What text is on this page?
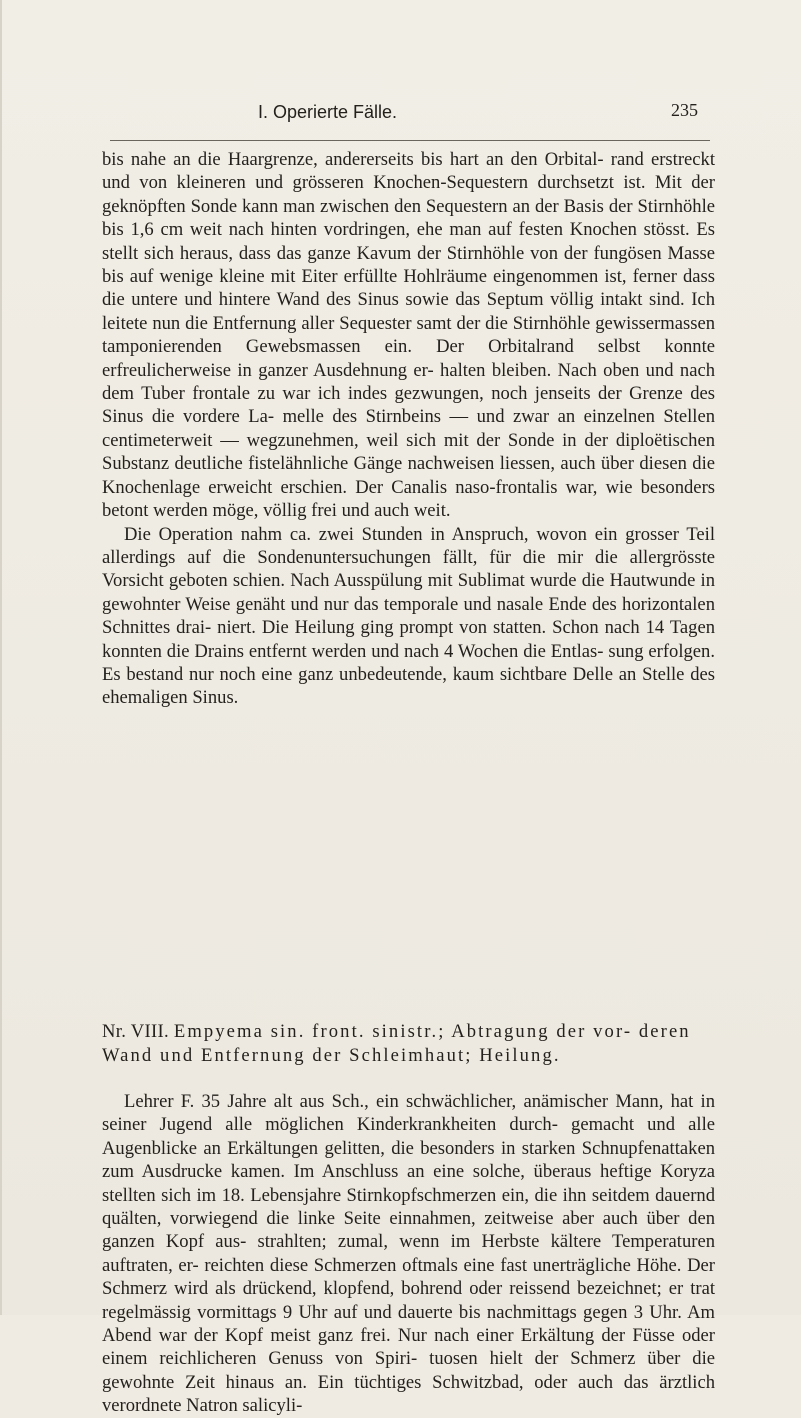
I. Operierte Fälle.	235

bis nahe an die Haargrenze, andererseits bis hart an den Orbital- rand erstreckt und von kleineren und grösseren Knochen-Sequestern durchsetzt ist. Mit der geknöpften Sonde kann man zwischen den Sequestern an der Basis der Stirnhöhle bis 1,6 cm weit nach hinten vordringen, ehe man auf festen Knochen stösst. Es stellt sich heraus, dass das ganze Kavum der Stirnhöhle von der fungösen Masse bis auf wenige kleine mit Eiter erfüllte Hohlräume eingenommen ist, ferner dass die untere und hintere Wand des Sinus sowie das Septum völlig intakt sind. Ich leitete nun die Entfernung aller Sequester samt der die Stirnhöhle gewissermassen tamponierenden Gewebsmassen ein. Der Orbitalrand selbst konnte erfreulicherweise in ganzer Ausdehnung er- halten bleiben. Nach oben und nach dem Tuber frontale zu war ich indes gezwungen, noch jenseits der Grenze des Sinus die vordere La- melle des Stirnbeins — und zwar an einzelnen Stellen centimeterweit — wegzunehmen, weil sich mit der Sonde in der diploëtischen Substanz deutliche fistelähnliche Gänge nachweisen liessen, auch über diesen die Knochenlage erweicht erschien. Der Canalis naso-frontalis war, wie besonders betont werden möge, völlig frei und auch weit.

Die Operation nahm ca. zwei Stunden in Anspruch, wovon ein grosser Teil allerdings auf die Sondenuntersuchungen fällt, für die mir die allergrösste Vorsicht geboten schien. Nach Ausspülung mit Sublimat wurde die Hautwunde in gewohnter Weise genäht und nur das temporale und nasale Ende des horizontalen Schnittes drai- niert. Die Heilung ging prompt von statten. Schon nach 14 Tagen konnten die Drains entfernt werden und nach 4 Wochen die Entlas- sung erfolgen. Es bestand nur noch eine ganz unbedeutende, kaum sichtbare Delle an Stelle des ehemaligen Sinus.

Nr. VIII. Empyema sin. front. sinistr.; Abtragung der vor- deren Wand und Entfernung der Schleimhaut; Heilung.

Lehrer F. 35 Jahre alt aus Sch., ein schwächlicher, anämischer Mann, hat in seiner Jugend alle möglichen Kinderkrankheiten durch- gemacht und alle Augenblicke an Erkältungen gelitten, die besonders in starken Schnupfenattaken zum Ausdrucke kamen. Im Anschluss an eine solche, überaus heftige Koryza stellten sich im 18. Lebensjahre Stirnkopfschmerzen ein, die ihn seitdem dauernd quälten, vorwiegend die linke Seite einnahmen, zeitweise aber auch über den ganzen Kopf aus- strahlten; zumal, wenn im Herbste kältere Temperaturen auftraten, er- reichten diese Schmerzen oftmals eine fast unerträgliche Höhe. Der Schmerz wird als drückend, klopfend, bohrend oder reissend bezeichnet; er trat regelmässig vormittags 9 Uhr auf und dauerte bis nachmittags gegen 3 Uhr. Am Abend war der Kopf meist ganz frei. Nur nach einer Erkältung der Füsse oder einem reichlicheren Genuss von Spiri- tuosen hielt der Schmerz über die gewohnte Zeit hinaus an. Ein tüchtiges Schwitzbad, oder auch das ärztlich verordnete Natron salicyli-
